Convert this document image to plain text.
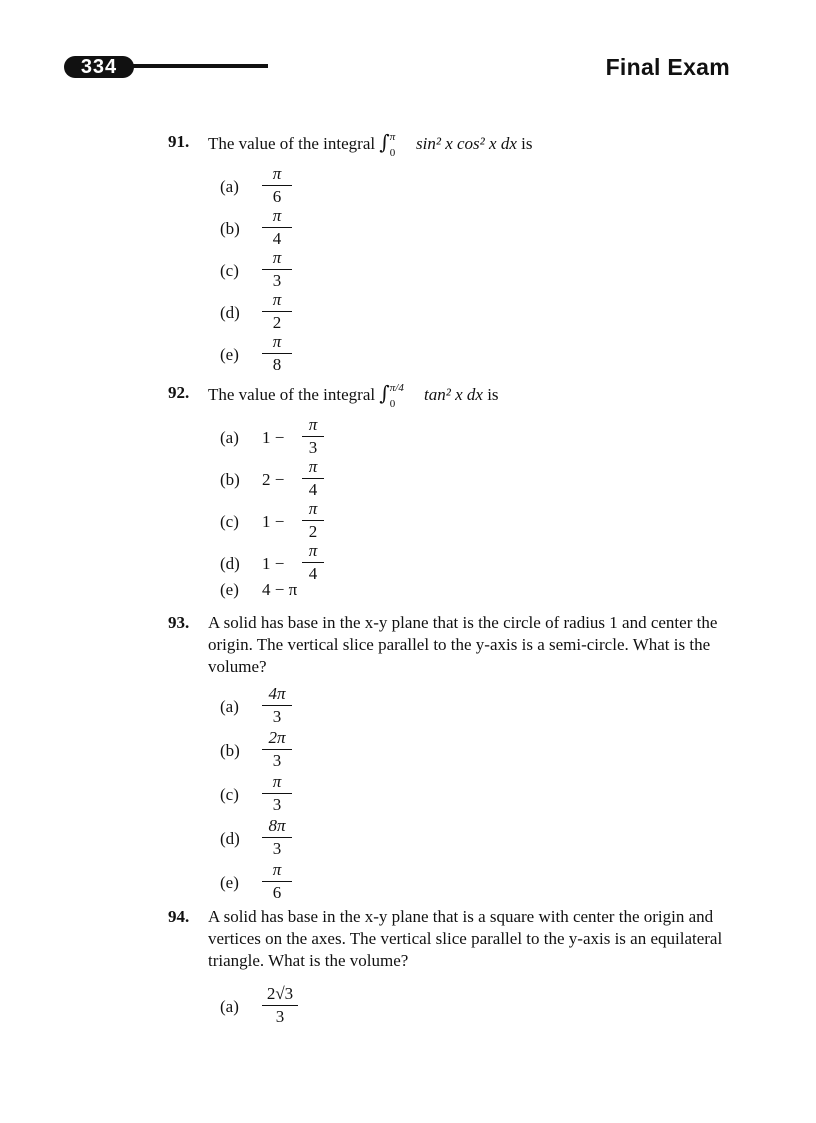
334	Final Exam
91. The value of the integral ∫ π
0 sin² x cos² x dx is
(a)
π
6
(b)
π
4
(c)
π
3
(d)
π
2
(e)
π
8
92. The value of the integral ∫ π/4
0 tan² x dx is
(a) 1 −
π
3
(b) 2 −
π
4
(c) 1 −
π
2
(d) 1 −
π
4
(e) 4 − π
93. A solid has base in the x-y plane that is the circle of radius 1 and center the origin. The vertical slice parallel to the y-axis is a semi-circle. What is the volume?
(a)
4π
3
(b)
2π
3
(c)
π
3
(d)
8π
3
(e)
π
6
94. A solid has base in the x-y plane that is a square with center the origin and vertices on the axes. The vertical slice parallel to the y-axis is an equilateral triangle. What is the volume?
(a)
2√3
3
